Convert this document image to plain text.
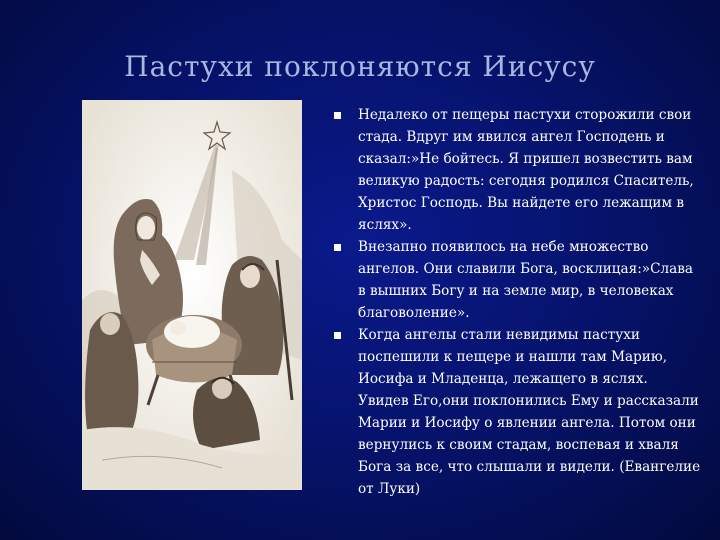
Пастухи поклоняются Иисусу
Недалеко от пещеры пастухи сторожили свои стада. Вдруг им явился ангел Господень и сказал:»Не бойтесь. Я пришел возвестить вам великую радость: сегодня родился Спаситель, Христос Господь. Вы найдете его лежащим в яслях».
Внезапно появилось на небе множество ангелов. Они славили Бога, восклицая:»Слава в вышних Богу и на земле мир, в человеках благоволение».
Когда ангелы стали невидимы пастухи поспешили к пещере и нашли там Марию, Иосифа и Младенца, лежащего в яслях. Увидев Его,они поклонились Ему и рассказали Марии и Иосифу о явлении ангела. Потом они вернулись к своим стадам, воспевая и хваля Бога за все, что слышали и видели. (Евангелие от Луки)
